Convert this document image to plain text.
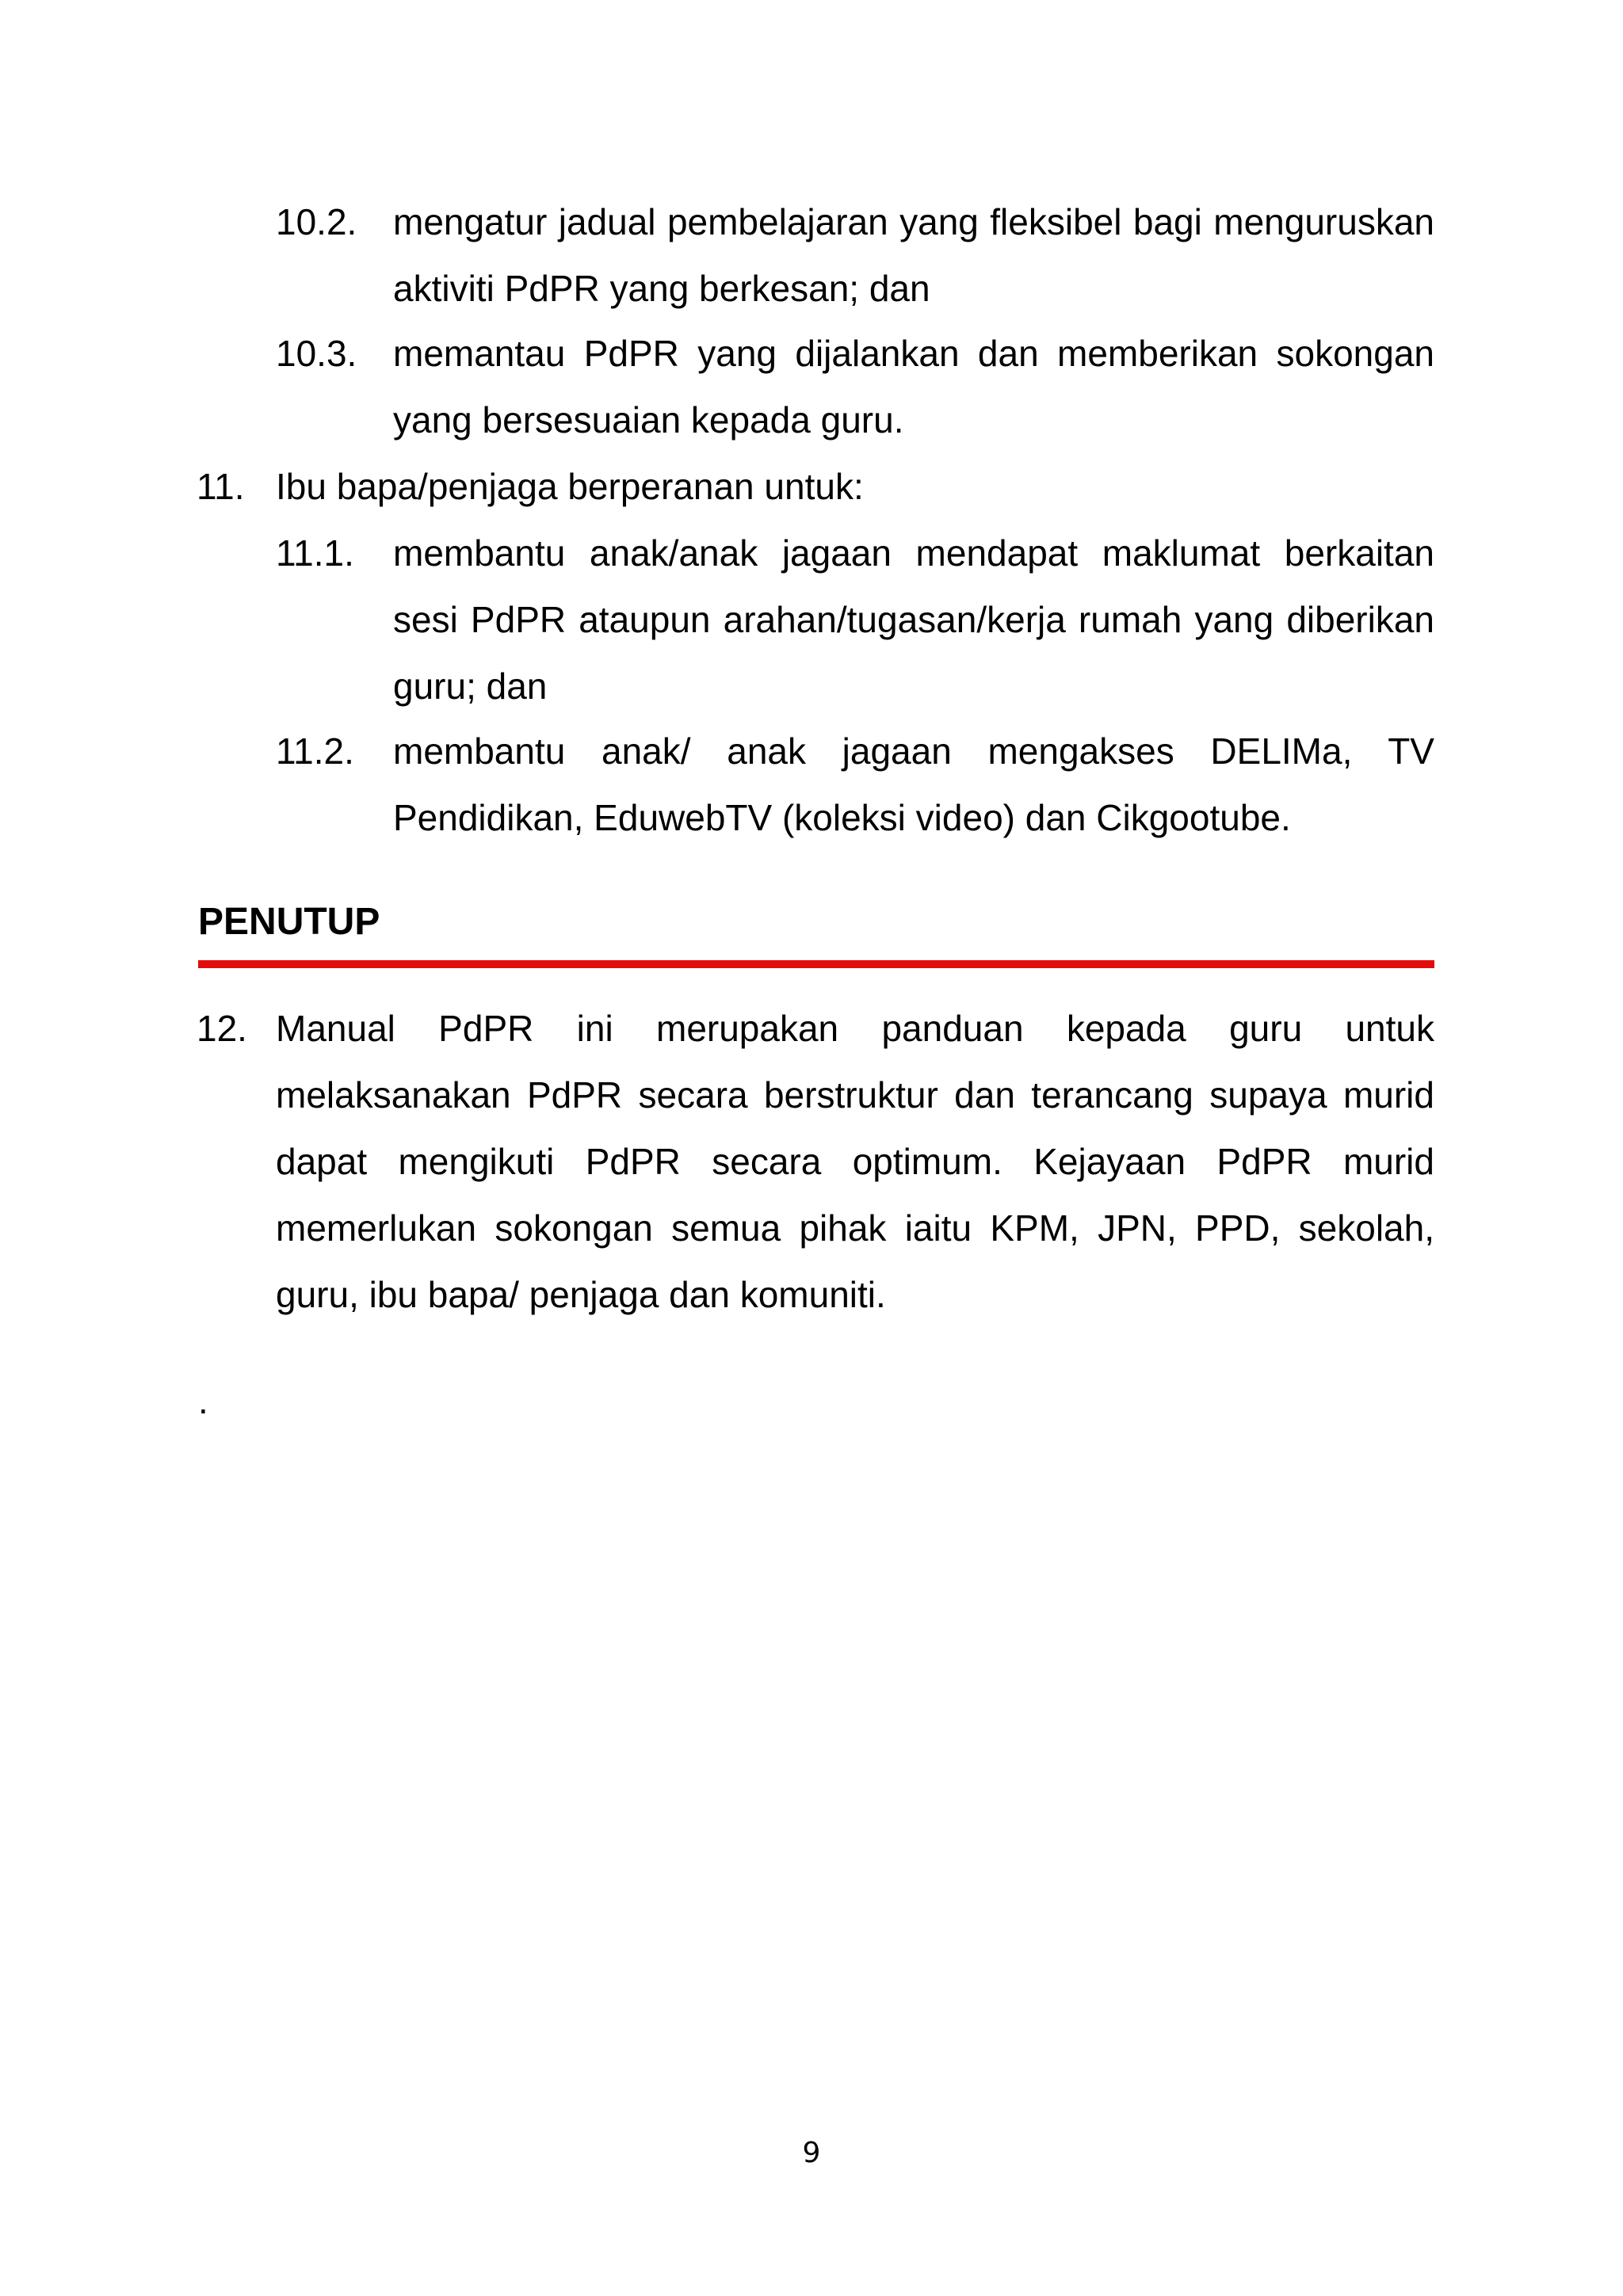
10.2. mengatur jadual pembelajaran yang fleksibel bagi menguruskan aktiviti PdPR yang berkesan; dan
10.3. memantau PdPR yang dijalankan dan memberikan sokongan yang bersesuaian kepada guru.
11. Ibu bapa/penjaga berperanan untuk:
11.1.	membantu anak/anak jagaan mendapat maklumat berkaitan sesi PdPR ataupun arahan/tugasan/kerja rumah yang diberikan guru; dan
11.2.	membantu anak/ anak jagaan mengakses DELIMa, TV Pendidikan, EduwebTV (koleksi video) dan Cikgootube.
PENUTUP
12. Manual PdPR ini merupakan panduan kepada guru untuk melaksanakan PdPR secara berstruktur dan terancang supaya murid dapat mengikuti PdPR secara optimum. Kejayaan PdPR murid memerlukan sokongan semua pihak iaitu KPM, JPN, PPD, sekolah, guru, ibu bapa/ penjaga dan komuniti.
.
9
